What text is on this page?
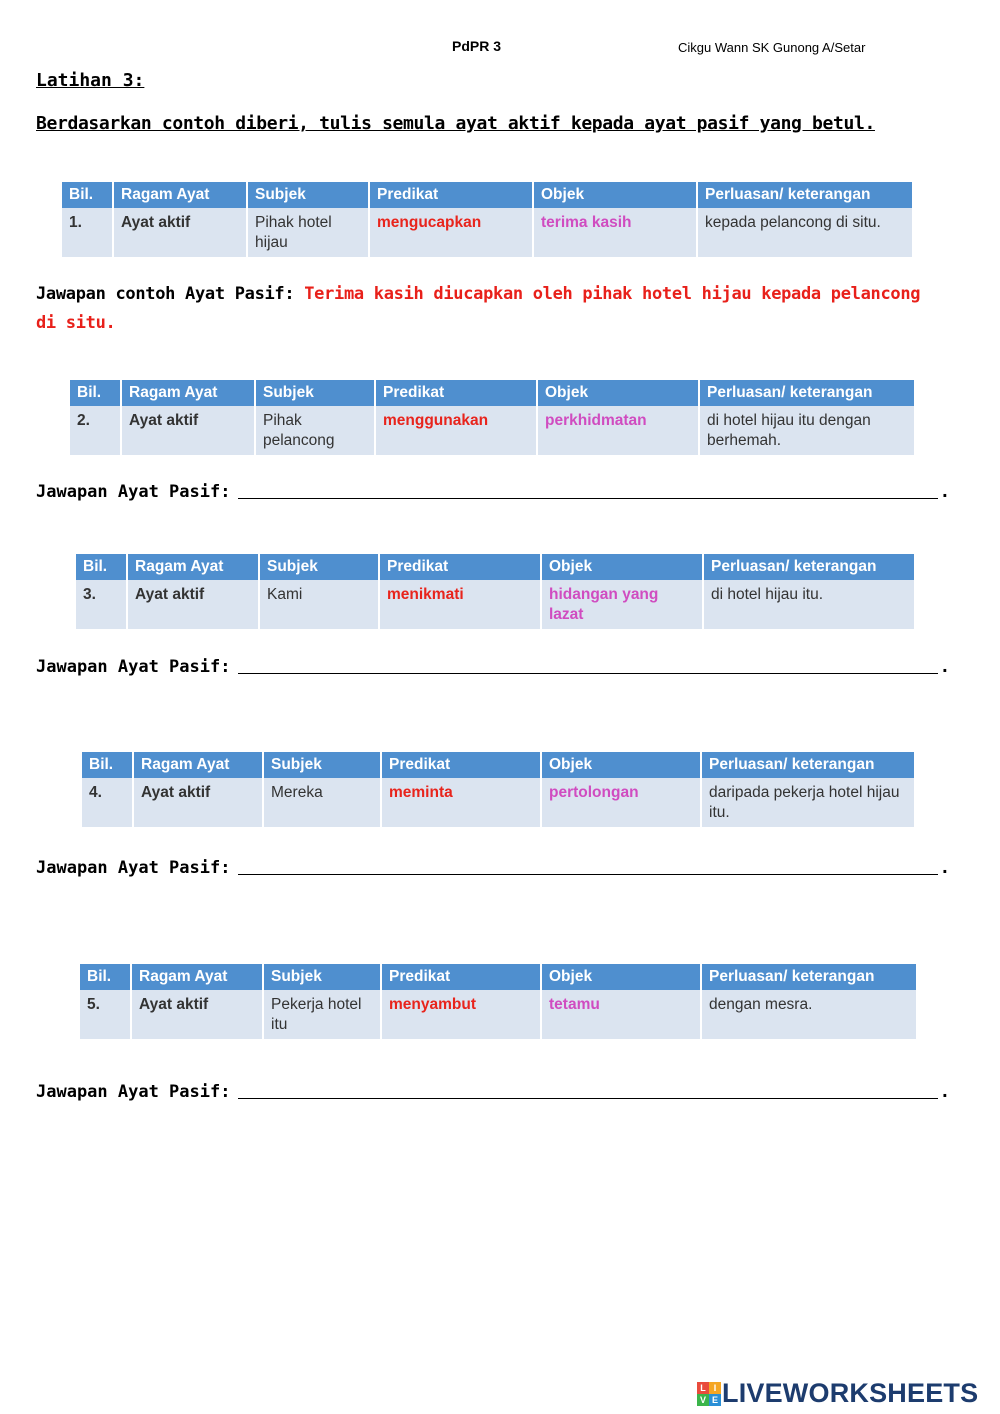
PdPR 3	Cikgu Wann SK Gunong A/Setar
Latihan 3:
Berdasarkan contoh diberi, tulis semula ayat aktif kepada ayat pasif yang betul.
Bil.	Ragam Ayat	Subjek	Predikat	Objek	Perluasan/ keterangan
1.	Ayat aktif	Pihak hotel hijau	mengucapkan	terima kasih	kepada pelancong di situ.
Jawapan contoh Ayat Pasif: Terima kasih diucapkan oleh pihak hotel hijau kepada pelancong di situ.
Bil.	Ragam Ayat	Subjek	Predikat	Objek	Perluasan/ keterangan
2.	Ayat aktif	Pihak pelancong	menggunakan	perkhidmatan	di hotel hijau itu dengan berhemah.
Jawapan Ayat Pasif:	.
Bil.	Ragam Ayat	Subjek	Predikat	Objek	Perluasan/ keterangan
3.	Ayat aktif	Kami	menikmati	hidangan yang lazat	di hotel hijau itu.
Jawapan Ayat Pasif:	.
Bil.	Ragam Ayat	Subjek	Predikat	Objek	Perluasan/ keterangan
4.	Ayat aktif	Mereka	meminta	pertolongan	daripada pekerja hotel hijau itu.
Jawapan Ayat Pasif:	.
Bil.	Ragam Ayat	Subjek	Predikat	Objek	Perluasan/ keterangan
5.	Ayat aktif	Pekerja hotel itu	menyambut	tetamu	dengan mesra.
Jawapan Ayat Pasif:	.
L I
V E LIVEWORKSHEETS
